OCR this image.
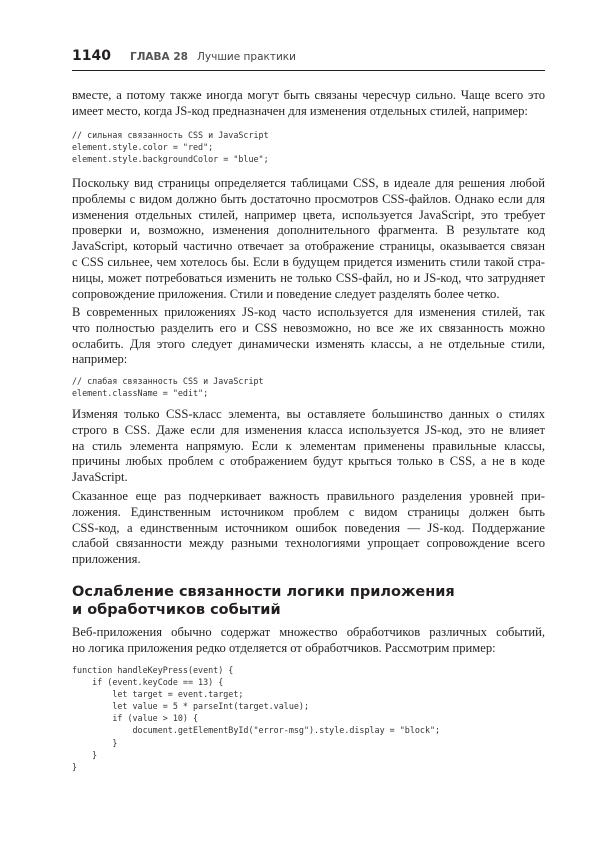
1140 ГЛАВА 28 Лучшие практики
вместе, а потому также иногда могут быть связаны чересчур сильно. Чаще всего это
имеет место, когда JS-код предназначен для изменения отдельных стилей, например:
// сильная связанность CSS и JavaScript
element.style.color = "red";
element.style.backgroundColor = "blue";
Поскольку вид страницы определяется таблицами CSS, в идеале для решения любой
проблемы с видом должно быть достаточно просмотров CSS-файлов. Однако если для
изменения отдельных стилей, например цвета, используется JavaScript, это требует
проверки и, возможно, изменения дополнительного фрагмента. В результате код
JavaScript, который частично отвечает за отображение страницы, оказывается связан
с CSS сильнее, чем хотелось бы. Если в будущем придется изменить стили такой стра-
ницы, может потребоваться изменить не только CSS-файл, но и JS-код, что затрудняет
сопровождение приложения. Стили и поведение следует разделять более четко.
В современных приложениях JS-код часто используется для изменения стилей, так
что полностью разделить его и CSS невозможно, но все же их связанность можно
ослабить. Для этого следует динамически изменять классы, а не отдельные стили,
например:
// слабая связанность CSS и JavaScript
element.className = "edit";
Изменяя только CSS-класс элемента, вы оставляете большинство данных о стилях
строго в CSS. Даже если для изменения класса используется JS-код, это не влияет
на стиль элемента напрямую. Если к элементам применены правильные классы,
причины любых проблем с отображением будут крыться только в CSS, а не в коде
JavaScript.
Сказанное еще раз подчеркивает важность правильного разделения уровней при-
ложения. Единственным источником проблем с видом страницы должен быть
CSS-код, а единственным источником ошибок поведения — JS-код. Поддержание
слабой связанности между разными технологиями упрощает сопровождение всего
приложения.
Ослабление связанности логики приложения
и обработчиков событий
Веб-приложения обычно содержат множество обработчиков различных событий,
но логика приложения редко отделяется от обработчиков. Рассмотрим пример:
function handleKeyPress(event) {
if (event.keyCode == 13) {
let target = event.target;
let value = 5 * parseInt(target.value);
if (value > 10) {
document.getElementById("error-msg").style.display = "block";
}
}
}
